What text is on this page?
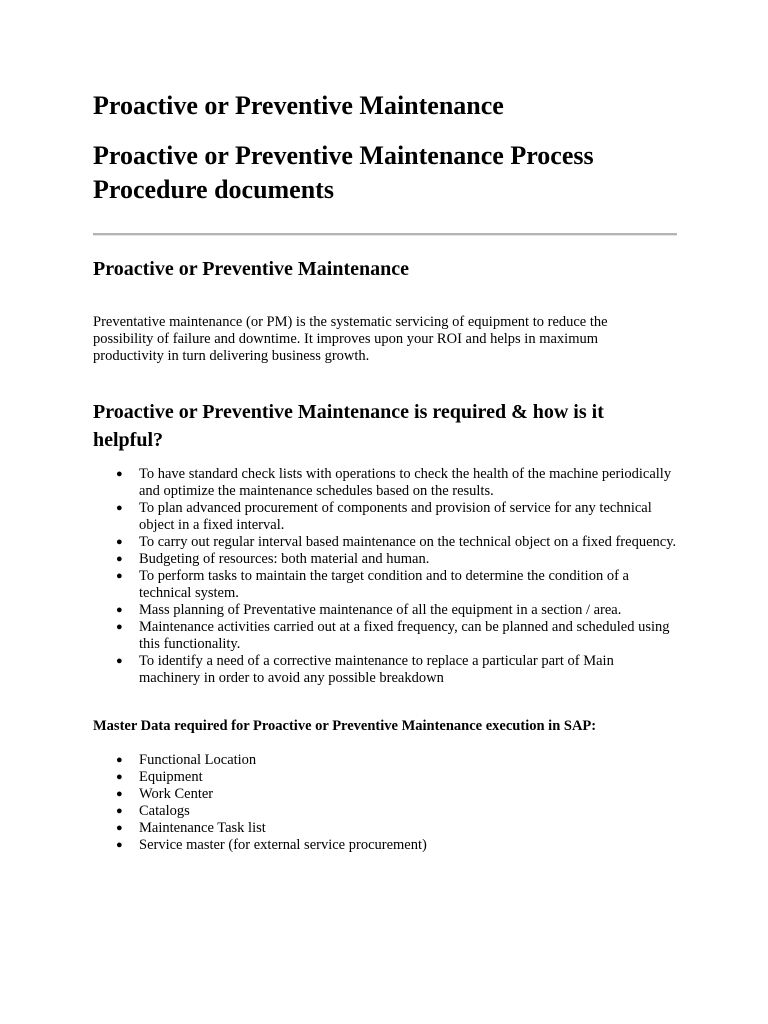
Proactive or Preventive Maintenance
Proactive or Preventive Maintenance Process Procedure documents
Proactive or Preventive Maintenance

Preventative maintenance (or PM) is the systematic servicing of equipment to reduce the possibility of failure and downtime. It improves upon your ROI and helps in maximum productivity in turn delivering business growth.

Proactive or Preventive Maintenance is required & how is it helpful?
● To have standard check lists with operations to check the health of the machine periodically and optimize the maintenance schedules based on the results.
● To plan advanced procurement of components and provision of service for any technical object in a fixed interval.
● To carry out regular interval based maintenance on the technical object on a fixed frequency.
● Budgeting of resources: both material and human.
● To perform tasks to maintain the target condition and to determine the condition of a technical system.
● Mass planning of Preventative maintenance of all the equipment in a section / area.
● Maintenance activities carried out at a fixed frequency, can be planned and scheduled using this functionality.
● To identify a need of a corrective maintenance to replace a particular part of Main machinery in order to avoid any possible breakdown

Master Data required for Proactive or Preventive Maintenance execution in SAP:

● Functional Location
● Equipment
● Work Center
● Catalogs
● Maintenance Task list
● Service master (for external service procurement)
